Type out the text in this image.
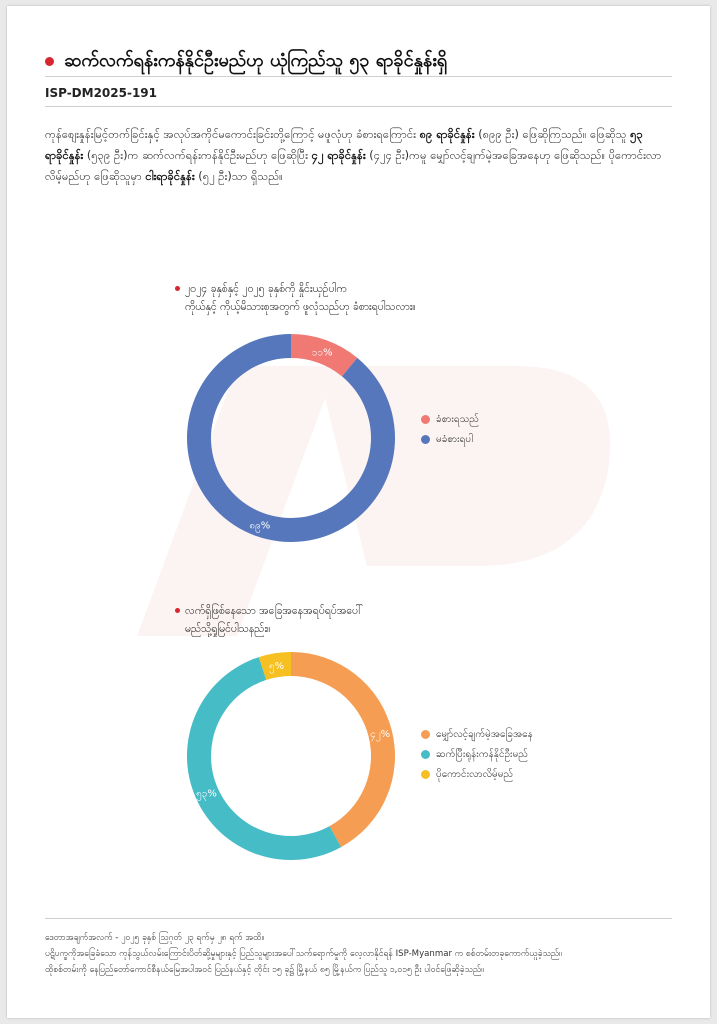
ဆက်လက်ရန်းကန်နိုင်ဦးမည်ဟု ယုံကြည်သူ ၅၃ ရာခိုင်နှုန်းရှိ
ISP-DM2025-191
ကုန်စျေးနှုန်းမြင့်တက်ခြင်းနှင့် အလုပ်အကိုင်မကောင်းခြင်းတို့ကြောင့် မဖူလုံဟု ခံစားရကြောင်း ၈၉ ရာခိုင်နှုန်း (၈၉၉ ဦး) ဖြေဆိုကြသည်။ ဖြေဆိုသူ ၅၃ ရာခိုင်နှုန်း (၅၃၉ ဦး)က ဆက်လက်ရန်းကန်နိုင်ဦးမည်ဟု ဖြေဆိုပြီး ၄၂ ရာခိုင်နှုန်း (၄၂၄ ဦး)ကမူ မျှော်လင့်ချက်မဲ့အခြေအနေဟု ဖြေဆိုသည်။ ပိုကောင်းလာလိမ့်မည်ဟု ဖြေဆိုသူမှာ ငါးရာခိုင်နှုန်း (၅၂ ဦး)သာ ရှိသည်။
၂၀၂၄ ခုနှစ်နှင့် ၂၀၂၅ ခုနှစ်ကို နှိုင်းယှဉ်ပါက
ကိုယ်နှင့် ကိုယ့်မိသားစုအတွက် ဖူလုံသည်ဟု ခံစားရပါသလား။
၁၁%
၈၉%
ခံစားရသည်
မခံစားရပါ
လက်ရှိဖြစ်နေသော အခြေအနေအရပ်ရပ်အပေါ်
မည်သို့ရှုမြင်ပါသနည်း။
၄၂%
၅၃%
၅%
မျှော်လင့်ချက်မဲ့အခြေအနေ
ဆက်ပြီးရုန်းကန်နိုင်ဦးမည်
ပိုကောင်းလာလိမ့်မည်
ဒေတာအချက်အလက် - ၂၀၂၅ ခုနှစ် ဩဂုတ် ၂၃ ရက်မှ ၂၈ ရက် အထိ။
ပဋိပက္ခကိုအခြေခံသော ကုန်သွယ်လမ်းကြောင်းပိတ်ဆို့မှုများနှင့် ပြည်သူများအပေါ်သက်ရောက်မှုကို လေ့လာနိုင်ရန် ISP-Myanmar က စစ်တမ်းတခုကောက်ယူခဲ့သည်။
ထိုစစ်တမ်းကို နေပြည်တော်ကောင်စီနယ်မြေအပါအဝင် ပြည်နယ်နှင့် တိုင်း ၁၅ ခု၌ မြို့နယ် ၈၅ မြို့နယ်က ပြည်သူ ၁,၀၁၅ ဦး ပါဝင်ဖြေဆိုခဲ့သည်။
